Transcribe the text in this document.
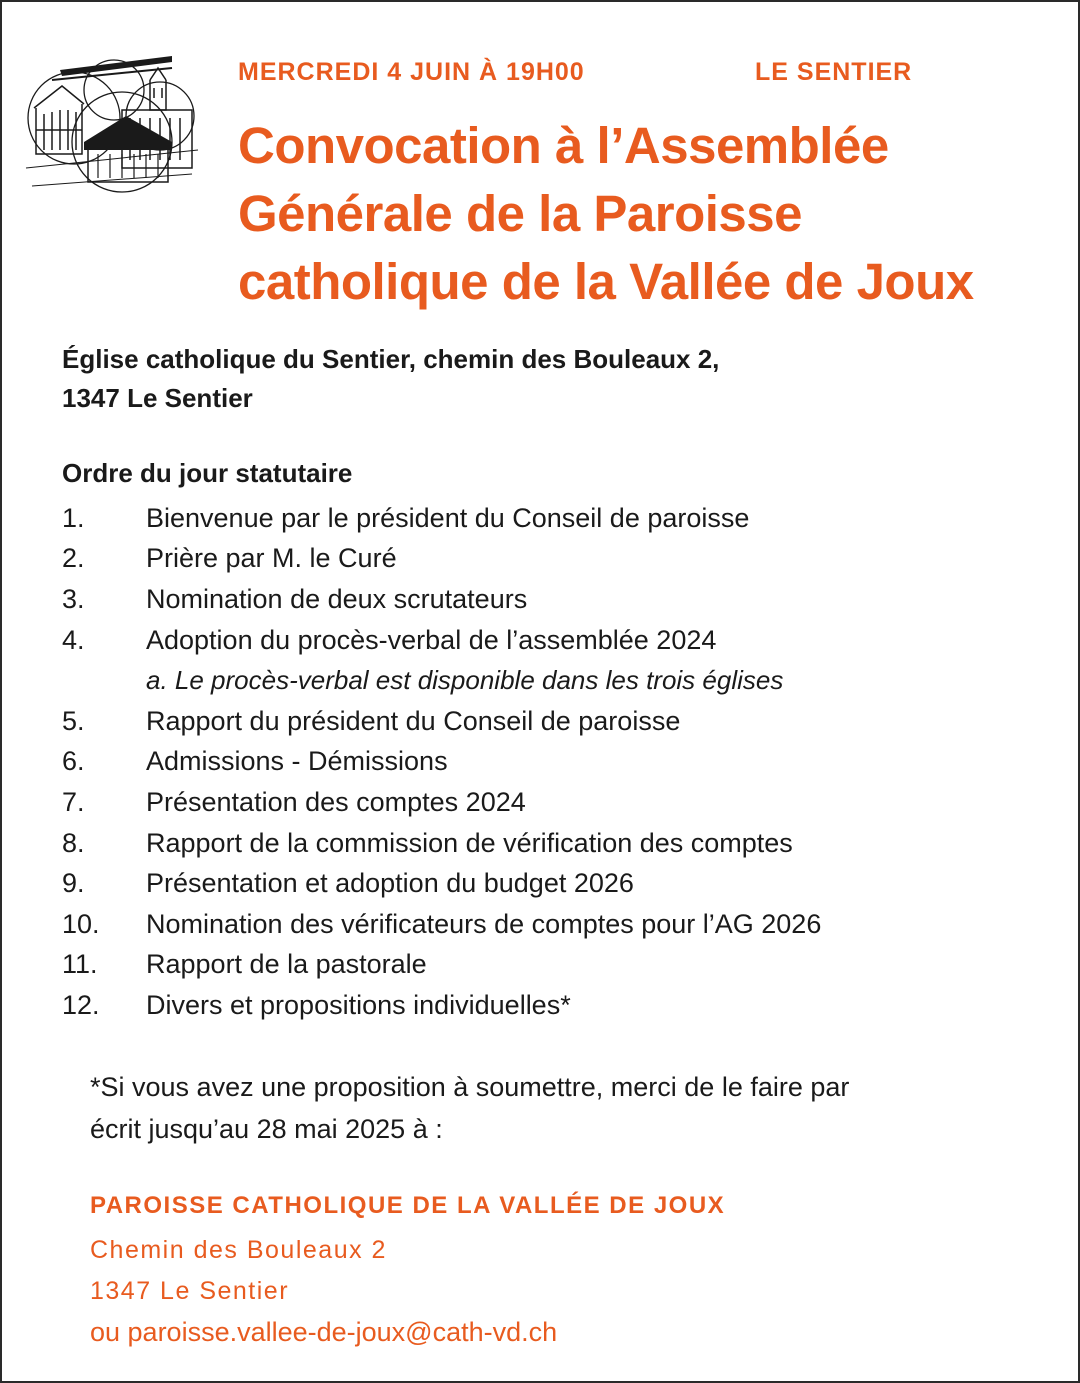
MERCREDI 4 JUIN À 19H00	LE SENTIER
Convocation à l’Assemblée
Générale de la Paroisse
catholique de la Vallée de Joux
Église catholique du Sentier, chemin des Bouleaux 2,
1347 Le Sentier
Ordre du jour statutaire
1.	Bienvenue par le président du Conseil de paroisse
2.	Prière par M. le Curé
3.	Nomination de deux scrutateurs
4.	Adoption du procès-verbal de l’assemblée 2024
a. Le procès-verbal est disponible dans les trois églises
5.	Rapport du président du Conseil de paroisse
6.	Admissions - Démissions
7.	Présentation des comptes 2024
8.	Rapport de la commission de vérification des comptes
9.	Présentation et adoption du budget 2026
10.	Nomination des vérificateurs de comptes pour l’AG 2026
11.	Rapport de la pastorale
12.	Divers et propositions individuelles*
*Si vous avez une proposition à soumettre, merci de le faire par
écrit jusqu’au 28 mai 2025 à :
PAROISSE CATHOLIQUE DE LA VALLÉE DE JOUX
Chemin des Bouleaux 2
1347 Le Sentier
ou paroisse.vallee-de-joux@cath-vd.ch
